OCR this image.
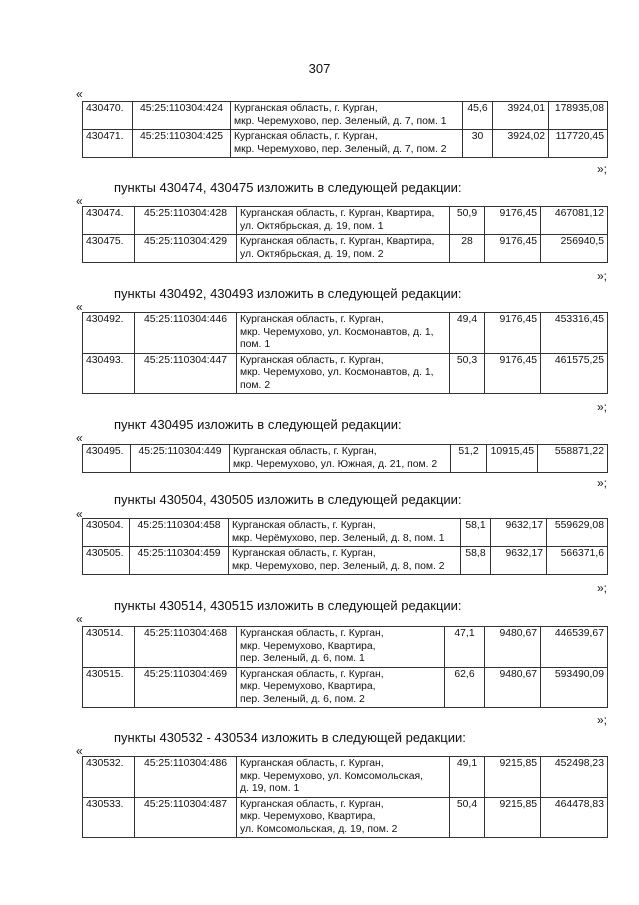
307
«
430470.	45:25:110304:424	Курганская область, г. Курган,
мкр. Черемухово, пер. Зеленый, д. 7, пом. 1	45,6	3924,01	178935,08
430471.	45:25:110304:425	Курганская область, г. Курган,
мкр. Черемухово, пер. Зеленый, д. 7, пом. 2	30	3924,02	117720,45
»;
пункты 430474, 430475 изложить в следующей редакции:
«
430474.	45:25:110304:428	Курганская область, г. Курган, Квартира,
ул. Октябрьская, д. 19, пом. 1	50,9	9176,45	467081,12
430475.	45:25:110304:429	Курганская область, г. Курган, Квартира,
ул. Октябрьская, д. 19, пом. 2	28	9176,45	256940,5
»;
пункты 430492, 430493 изложить в следующей редакции:
«
430492.	45:25:110304:446	Курганская область, г. Курган,
мкр. Черемухово, ул. Космонавтов, д. 1,
пом. 1	49,4	9176,45	453316,45
430493.	45:25:110304:447	Курганская область, г. Курган,
мкр. Черемухово, ул. Космонавтов, д. 1,
пом. 2	50,3	9176,45	461575,25
»;
пункт 430495 изложить в следующей редакции:
«
430495.	45:25:110304:449	Курганская область, г. Курган,
мкр. Черемухово, ул. Южная, д. 21, пом. 2
	51,2	10915,45	558871,22
»;
пункты 430504, 430505 изложить в следующей редакции:
«
430504.	45:25:110304:458	Курганская область, г. Курган,
мкр. Черёмухово, пер. Зеленый, д. 8, пом. 1	58,1	9632,17	559629,08
430505.	45:25:110304:459	Курганская область, г. Курган,
мкр. Черемухово, пер. Зеленый, д. 8, пом. 2	58,8	9632,17	566371,6
»;
пункты 430514, 430515 изложить в следующей редакции:
«
430514.	45:25:110304:468	Курганская область, г. Курган,
мкр. Черемухово, Квартира,
пер. Зеленый, д. 6, пом. 1	47,1	9480,67	446539,67
430515.	45:25:110304:469	Курганская область, г. Курган,
мкр. Черемухово, Квартира,
пер. Зеленый, д. 6, пом. 2	62,6	9480,67	593490,09
»;
пункты 430532 - 430534 изложить в следующей редакции:
«
430532.	45:25:110304:486	Курганская область, г. Курган,
мкр. Черемухово, ул. Комсомольская,
д. 19, пом. 1	49,1	9215,85	452498,23
430533.	45:25:110304:487	Курганская область, г. Курган,
мкр. Черемухово, Квартира,
ул. Комсомольская, д. 19, пом. 2	50,4	9215,85	464478,83
